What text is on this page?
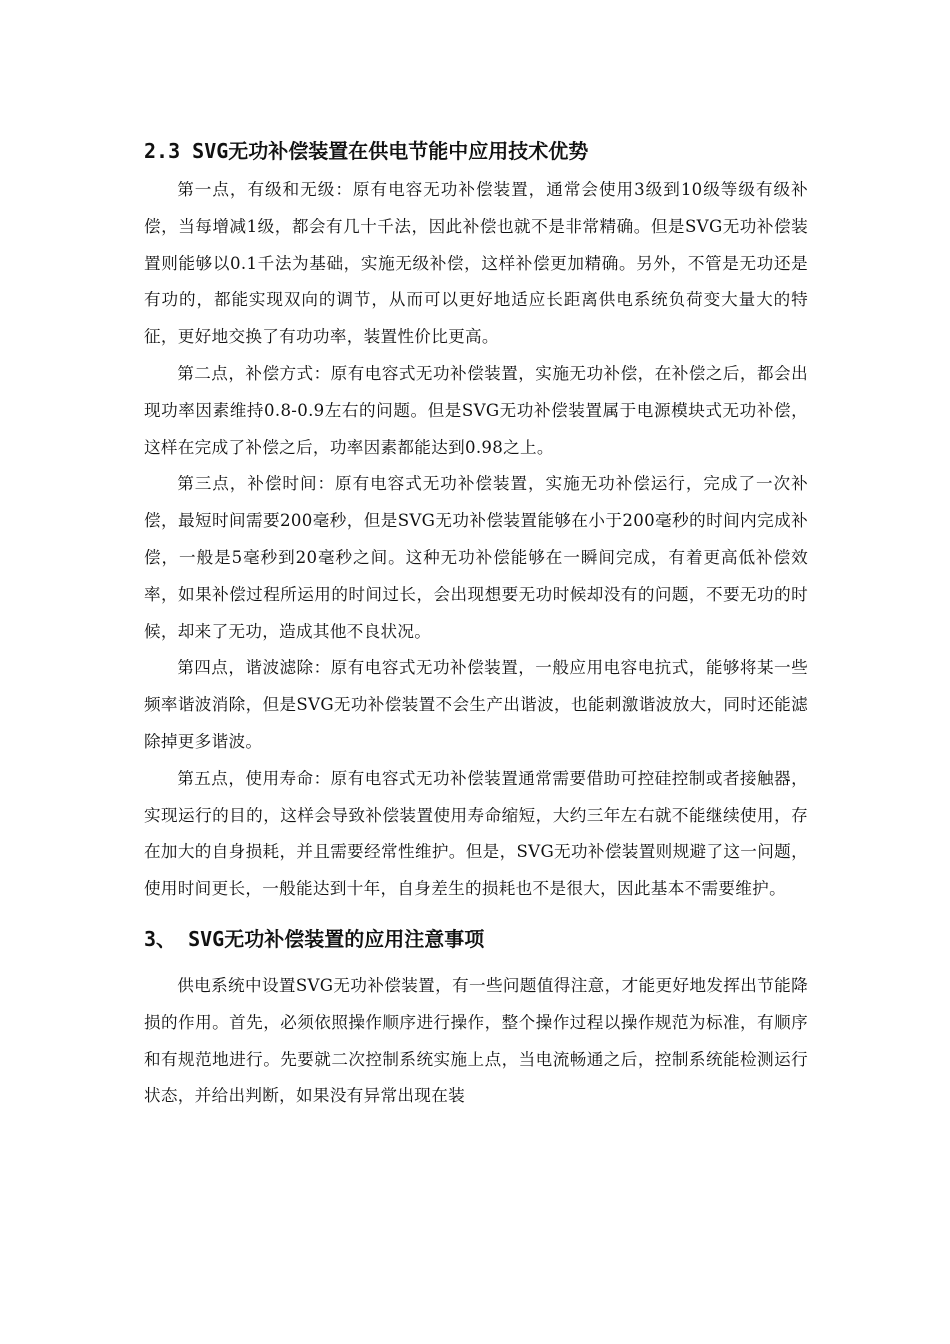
2.3 SVG无功补偿装置在供电节能中应用技术优势

第一点，有级和无级：原有电容无功补偿装置，通常会使用3级到10级等级有级补偿，当每增减1级，都会有几十千法，因此补偿也就不是非常精确。但是SVG无功补偿装置则能够以0.1千法为基础，实施无级补偿，这样补偿更加精确。另外，不管是无功还是有功的，都能实现双向的调节，从而可以更好地适应长距离供电系统负荷变大量大的特征，更好地交换了有功功率，装置性价比更高。

第二点，补偿方式：原有电容式无功补偿装置，实施无功补偿，在补偿之后，都会出现功率因素维持0.8-0.9左右的问题。但是SVG无功补偿装置属于电源模块式无功补偿，这样在完成了补偿之后，功率因素都能达到0.98之上。

第三点，补偿时间：原有电容式无功补偿装置，实施无功补偿运行，完成了一次补偿，最短时间需要200毫秒，但是SVG无功补偿装置能够在小于200毫秒的时间内完成补偿，一般是5毫秒到20毫秒之间。这种无功补偿能够在一瞬间完成，有着更高低补偿效率，如果补偿过程所运用的时间过长，会出现想要无功时候却没有的问题，不要无功的时候，却来了无功，造成其他不良状况。

第四点，谐波滤除：原有电容式无功补偿装置，一般应用电容电抗式，能够将某一些频率谐波消除，但是SVG无功补偿装置不会生产出谐波，也能刺激谐波放大，同时还能滤除掉更多谐波。

第五点，使用寿命：原有电容式无功补偿装置通常需要借助可控硅控制或者接触器，实现运行的目的，这样会导致补偿装置使用寿命缩短，大约三年左右就不能继续使用，存在加大的自身损耗，并且需要经常性维护。但是，SVG无功补偿装置则规避了这一问题，使用时间更长，一般能达到十年，自身差生的损耗也不是很大，因此基本不需要维护。

3、 SVG无功补偿装置的应用注意事项

供电系统中设置SVG无功补偿装置，有一些问题值得注意，才能更好地发挥出节能降损的作用。首先，必须依照操作顺序进行操作，整个操作过程以操作规范为标准，有顺序和有规范地进行。先要就二次控制系统实施上点，当电流畅通之后，控制系统能检测运行状态，并给出判断，如果没有异常出现在装
